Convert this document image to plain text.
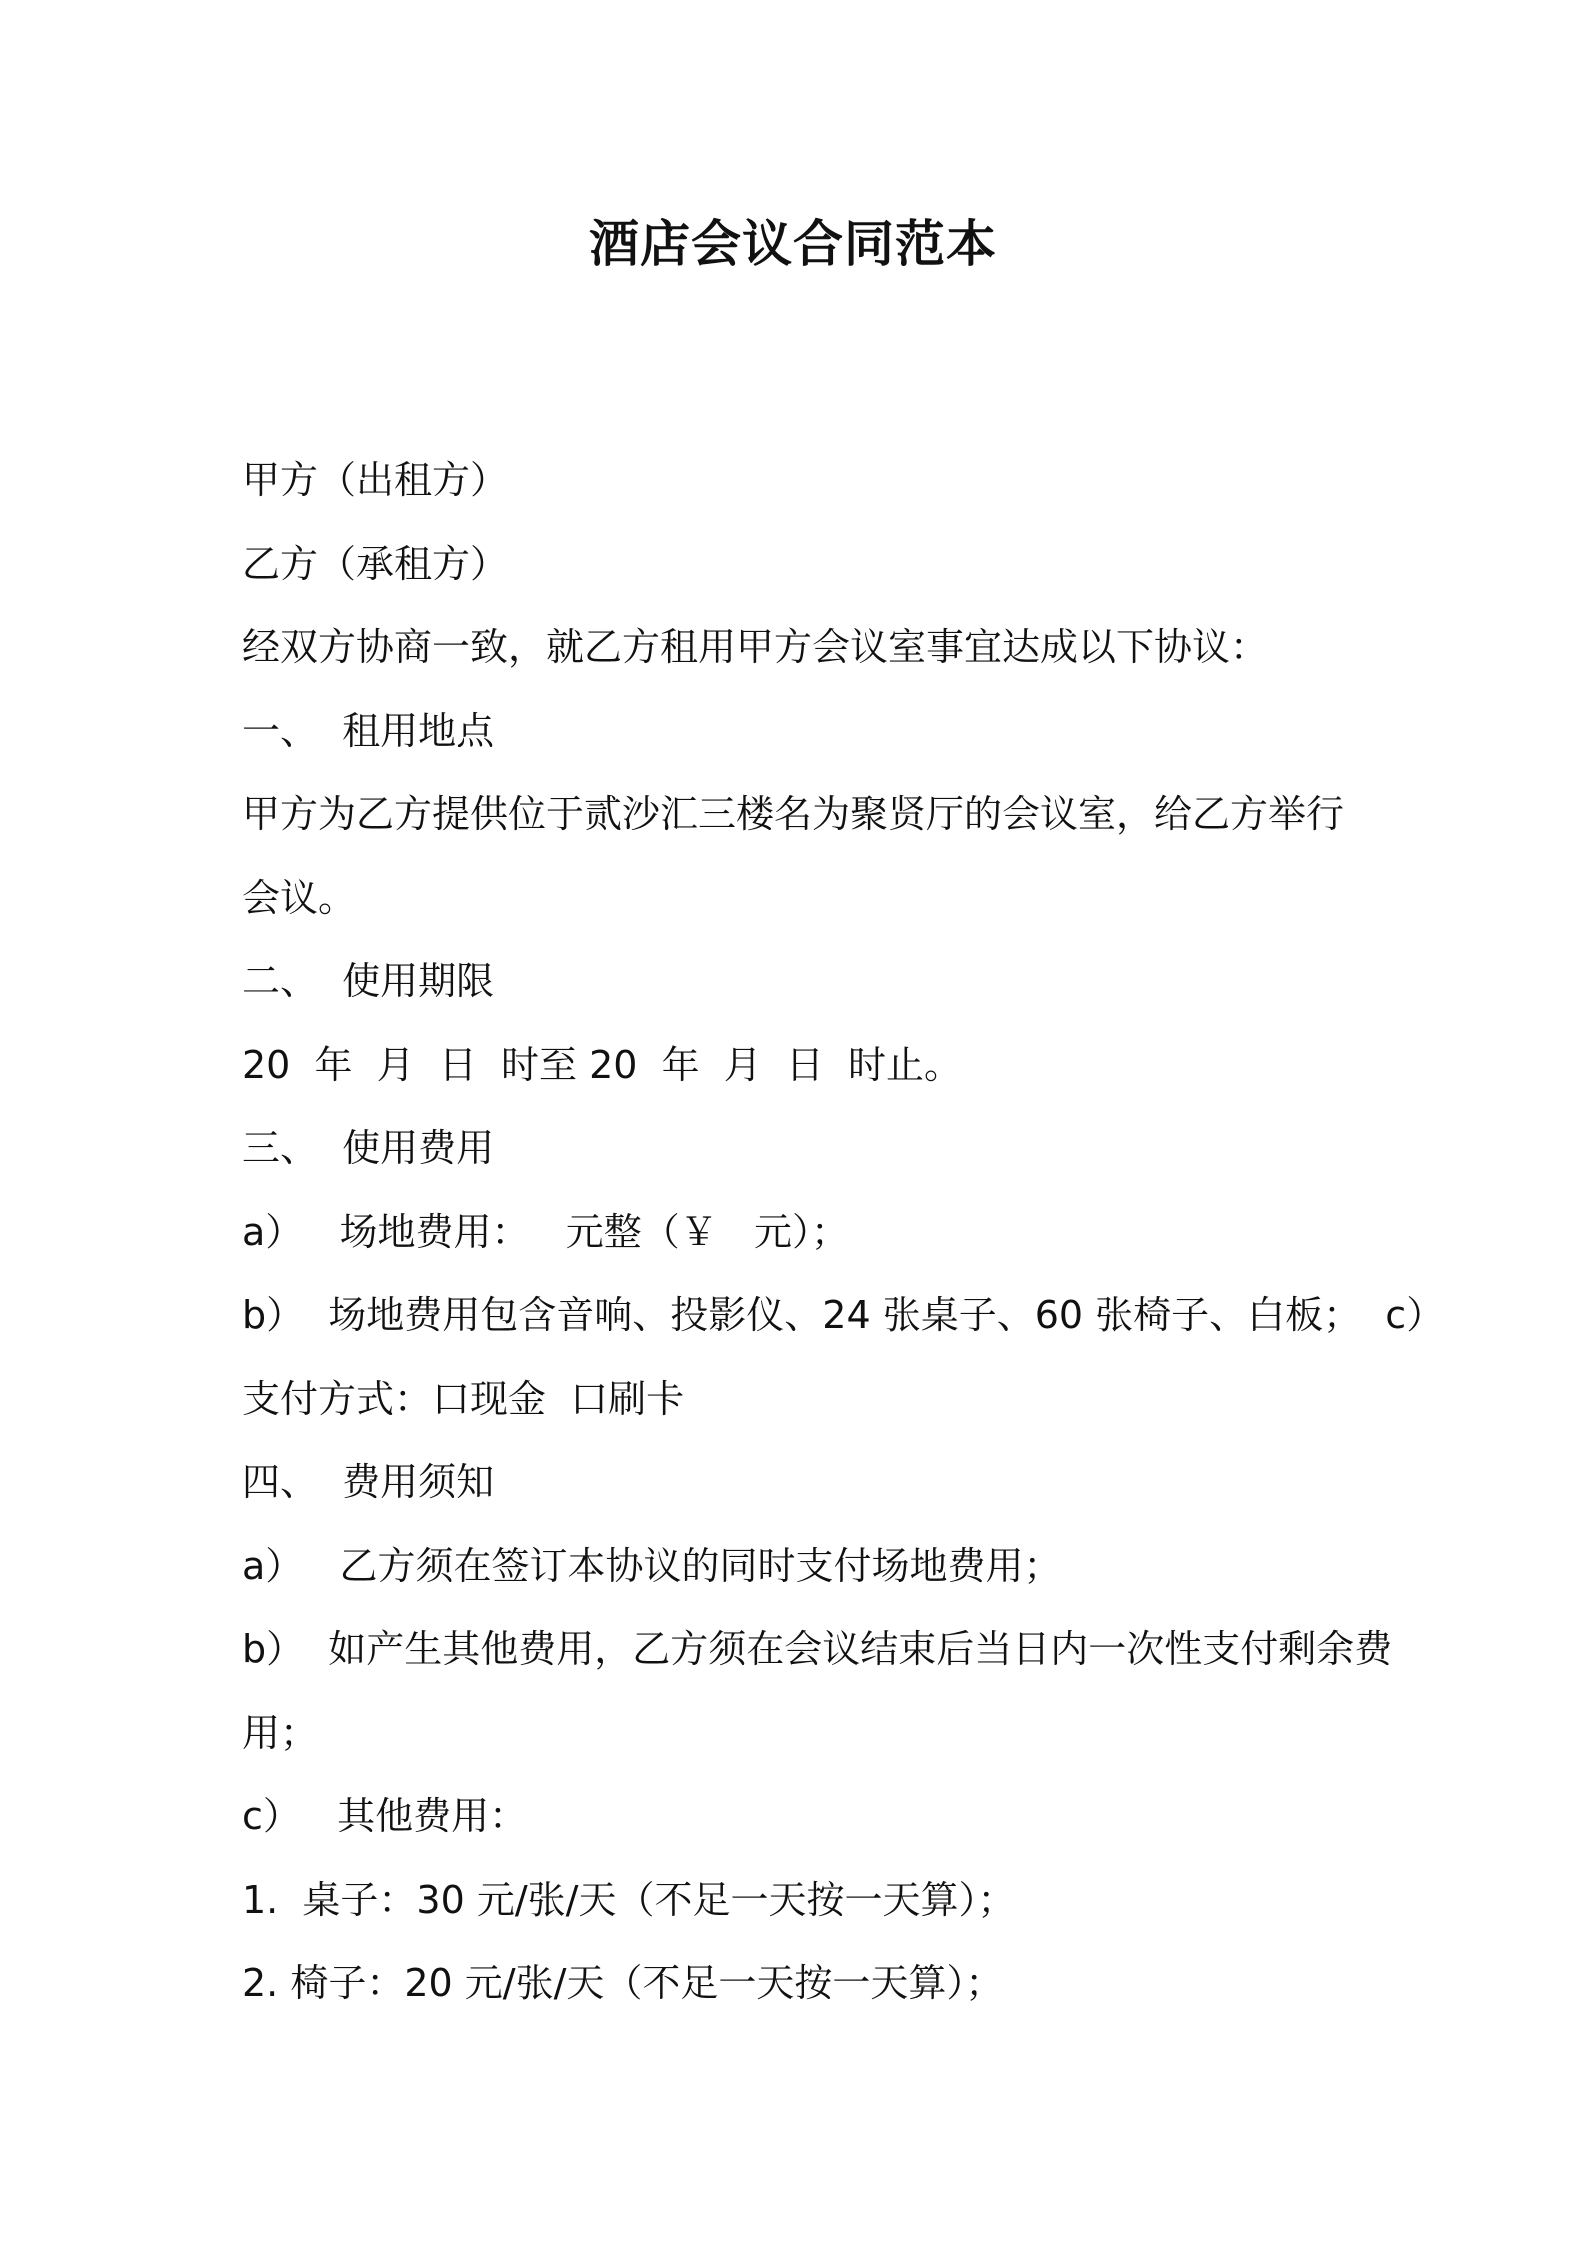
酒店会议合同范本
甲方（出租方）
乙方（承租方）
经双方协商一致，就乙方租用甲方会议室事宜达成以下协议：
一、  租用地点
甲方为乙方提供位于贰沙汇三楼名为聚贤厅的会议室，给乙方举行
会议。
二、  使用期限
20  年  月  日  时至 20  年  月  日  时止。
三、  使用费用
a）   场地费用：   元整（￥   元）；
b）  场地费用包含音响、投影仪、24 张桌子、60 张椅子、白板；  c）
支付方式：口现金  口刷卡
四、  费用须知
a）   乙方须在签订本协议的同时支付场地费用；
b）  如产生其他费用，乙方须在会议结束后当日内一次性支付剩余费
用；
c）   其他费用：
1.  桌子：30 元/张/天（不足一天按一天算）；
2. 椅子：20 元/张/天（不足一天按一天算）；
